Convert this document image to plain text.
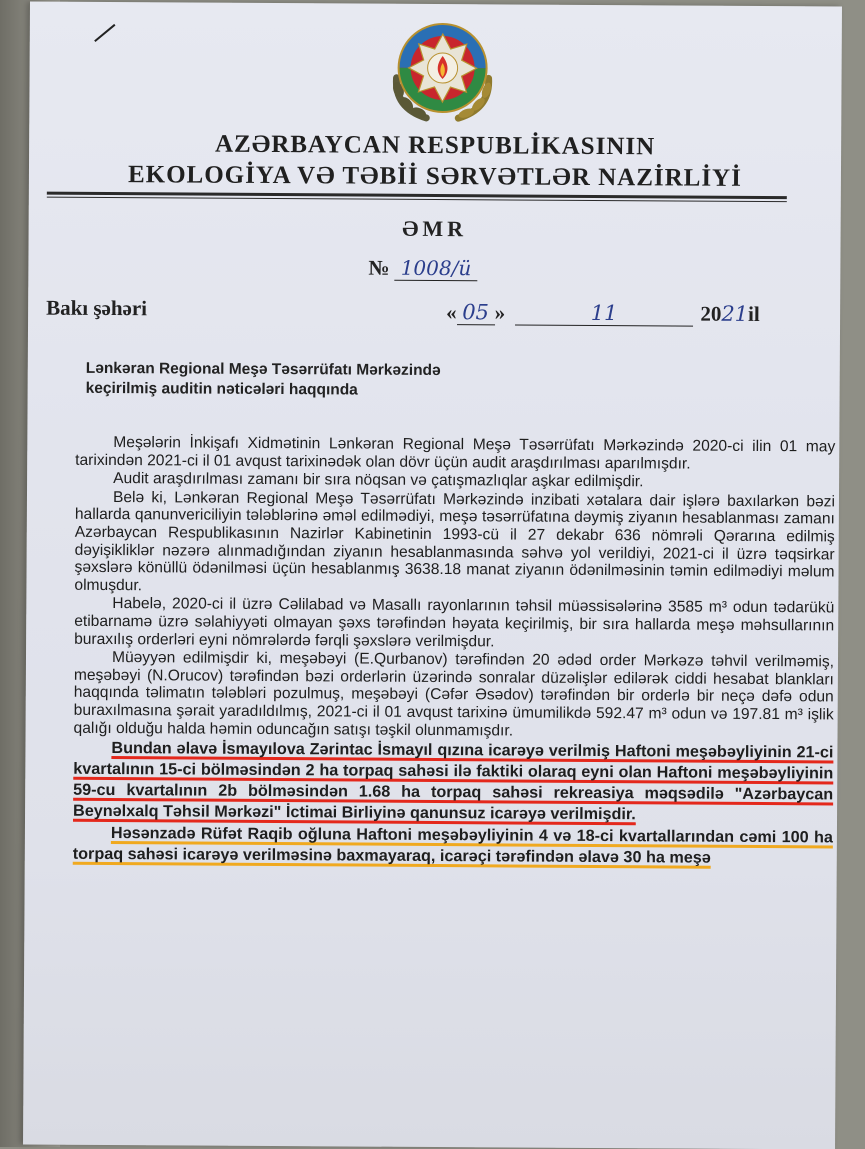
AZƏRBAYCAN RESPUBLİKASININ
EKOLOGİYA VƏ TƏBİİ SƏRVƏTLƏR NAZİRLİYİ
ƏMR
№ 1008/ü
Bakı şəhəri	« 05 »	11	2021il
Lənkəran Regional Meşə Təsərrüfatı Mərkəzində
keçirilmiş auditin nəticələri haqqında

Meşələrin İnkişafı Xidmətinin Lənkəran Regional Meşə Təsərrüfatı Mərkəzində 2020-ci ilin 01 may tarixindən 2021-ci il 01 avqust tarixinədək olan dövr üçün audit araşdırılması aparılmışdır.

Audit araşdırılması zamanı bir sıra nöqsan və çatışmazlıqlar aşkar edilmişdir.

Belə ki, Lənkəran Regional Meşə Təsərrüfatı Mərkəzində inzibati xətalara dair işlərə baxılarkən bəzi hallarda qanunvericiliyin tələblərinə əməl edilmədiyi, meşə təsərrüfatına dəymiş ziyanın hesablanması zamanı Azərbaycan Respublikasının Nazirlər Kabinetinin 1993-cü il 27 dekabr 636 nömrəli Qərarına edilmiş dəyişikliklər nəzərə alınmadığından ziyanın hesablanmasında səhvə yol verildiyi, 2021-ci il üzrə təqsirkar şəxslərə könüllü ödənilməsi üçün hesablanmış 3638.18 manat ziyanın ödənilməsinin təmin edilmədiyi məlum olmuşdur.

Habelə, 2020-ci il üzrə Cəlilabad və Masallı rayonlarının təhsil müəssisələrinə 3585 m³ odun tədarükü etibarnamə üzrə səlahiyyəti olmayan şəxs tərəfindən həyata keçirilmiş, bir sıra hallarda meşə məhsullarının buraxılış orderləri eyni nömrələrdə fərqli şəxslərə verilmişdur.

Müəyyən edilmişdir ki, meşəbəyi (E.Qurbanov) tərəfindən 20 ədəd order Mərkəzə təhvil verilməmiş, meşəbəyi (N.Orucov) tərəfindən bəzi orderlərin üzərində sonralar düzəlişlər edilərək ciddi hesabat blankları haqqında təlimatın tələbləri pozulmuş, meşəbəyi (Cəfər Əsədov) tərəfindən bir orderlə bir neçə dəfə odun buraxılmasına şərait yaradıldılmış, 2021-ci il 01 avqust tarixinə ümumilikdə 592.47 m³ odun və 197.81 m³ işlik qalığı olduğu halda həmin oduncağın satışı təşkil olunmamışdır.

Bundan əlavə İsmayılova Zərintac İsmayıl qızına icarəyə verilmiş Haftoni meşəbəyliyinin 21-ci kvartalının 15-ci bölməsindən 2 ha torpaq sahəsi ilə faktiki olaraq eyni olan Haftoni meşəbəyliyinin 59-cu kvartalının 2b bölməsindən 1.68 ha torpaq sahəsi rekreasiya məqsədilə "Azərbaycan Beynəlxalq Təhsil Mərkəzi" İctimai Birliyinə qanunsuz icarəyə verilmişdir.

Həsənzadə Rüfət Raqib oğluna Haftoni meşəbəyliyinin 4 və 18-ci kvartallarından cəmi 100 ha torpaq sahəsi icarəyə verilməsinə baxmayaraq, icarəçi tərəfindən əlavə 30 ha meşə
